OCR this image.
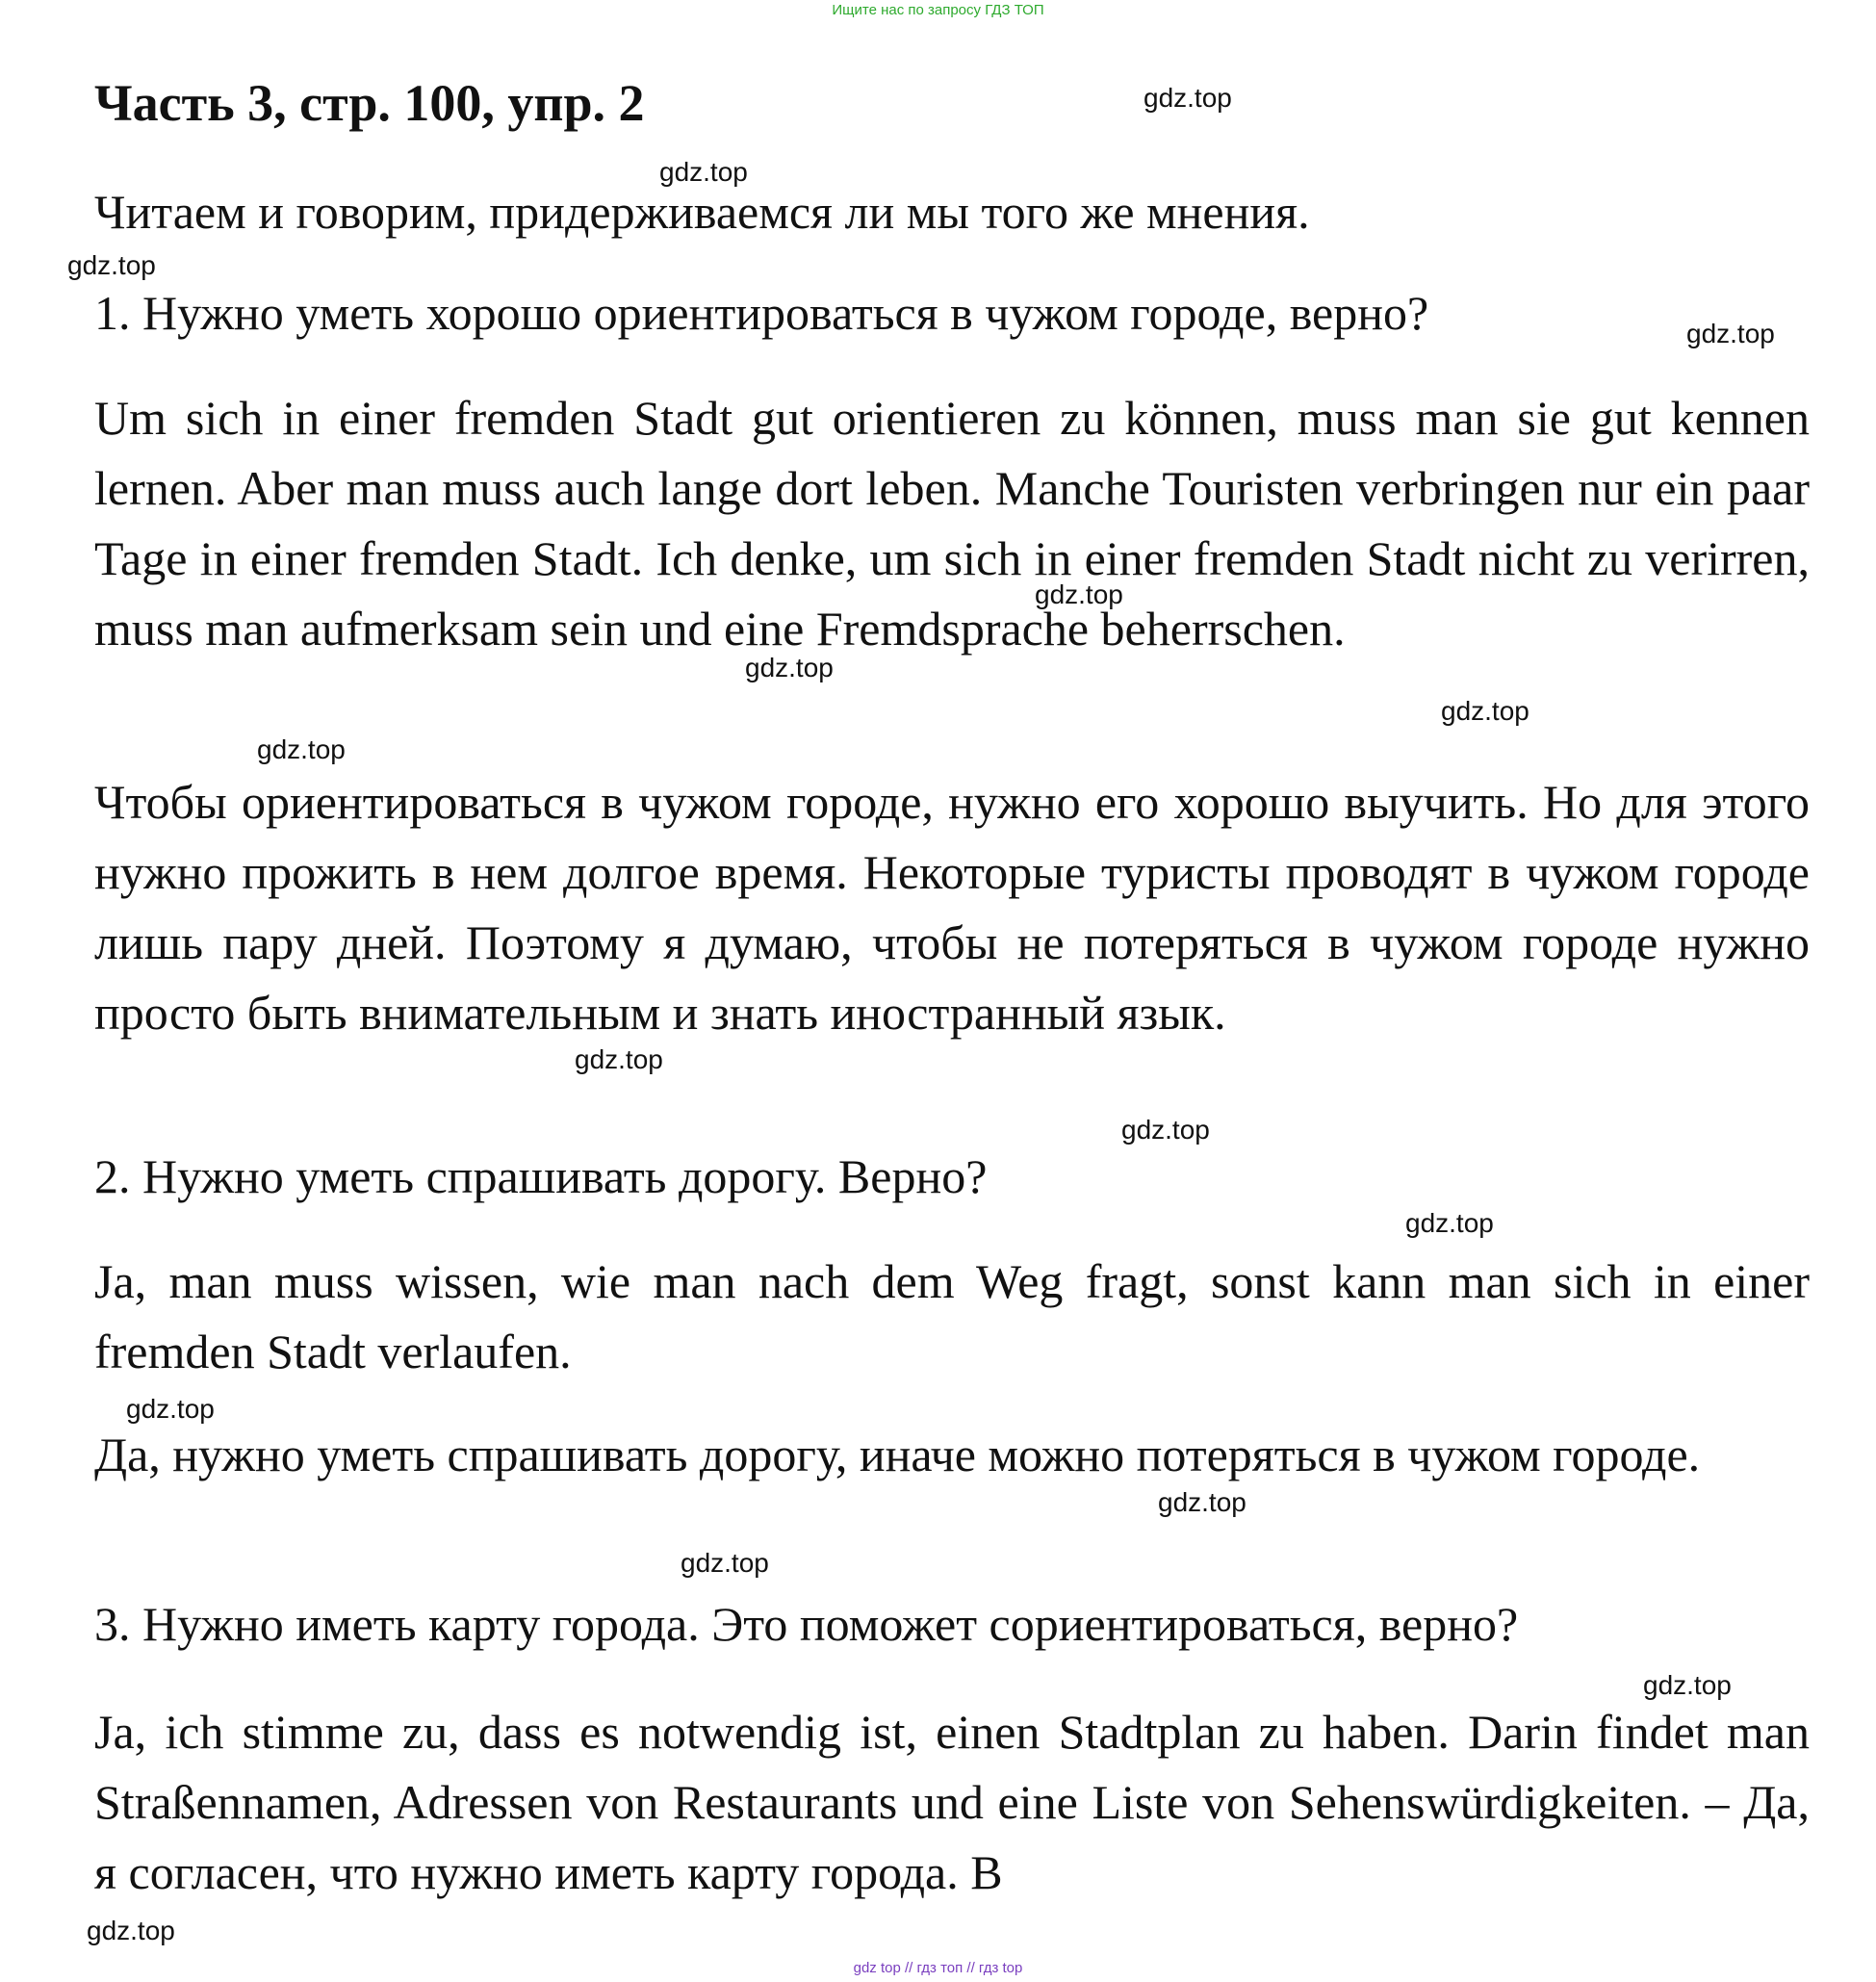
Ищите нас по запросу ГДЗ ТОП
Часть 3, стр. 100, упр. 2
Читаем и говорим, придерживаемся ли мы того же мнения.
1. Нужно уметь хорошо ориентироваться в чужом городе, верно?

Um sich in einer fremden Stadt gut orientieren zu können, muss man sie gut kennen lernen. Aber man muss auch lange dort leben. Manche Touristen verbringen nur ein paar Tage in einer fremden Stadt. Ich denke, um sich in einer fremden Stadt nicht zu verirren, muss man aufmerksam sein und eine Fremdsprache beherrschen.

Чтобы ориентироваться в чужом городе, нужно его хорошо выучить. Но для этого нужно прожить в нем долгое время. Некоторые туристы проводят в чужом городе лишь пару дней. Поэтому я думаю, чтобы не потеряться в чужом городе нужно просто быть внимательным и знать иностранный язык.

2. Нужно уметь спрашивать дорогу. Верно?

Ja, man muss wissen, wie man nach dem Weg fragt, sonst kann man sich in einer fremden Stadt verlaufen.

Да, нужно уметь спрашивать дорогу, иначе можно потеряться в чужом городе.

3. Нужно иметь карту города. Это поможет сориентироваться, верно?

Ja, ich stimme zu, dass es notwendig ist, einen Stadtplan zu haben. Darin findet man Straßennamen, Adressen von Restaurants und eine Liste von Sehenswürdigkeiten. – Да, я согласен, что нужно иметь карту города. В

gdz.top
gdz.top
gdz.top
gdz.top
gdz.top
gdz.top
gdz.top
gdz.top
gdz.top
gdz.top
gdz.top
gdz.top
gdz.top
gdz.top
gdz.top
gdz.top
gdz top // гдз топ // гдз top
